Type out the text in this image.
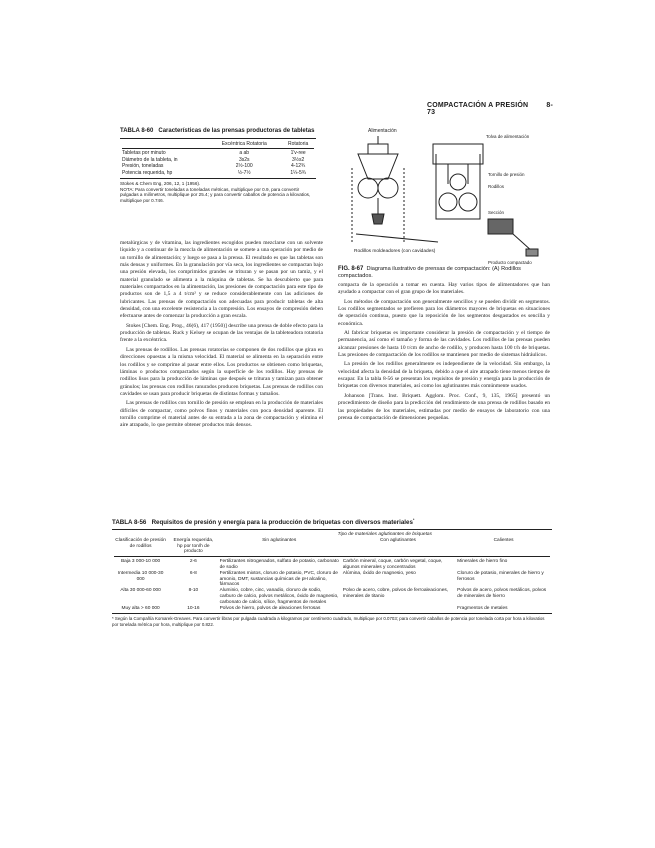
COMPACTACIÓN A PRESIÓN	8-73
TABLA 8-60 Características de las prensas productoras de tabletas
	Excéntrica Rotatoria	Rotatoria

Tabletas por minuto	a ab	1'v-ree
Diámetro de la tableta, in	3s2s	3½s2
Presión, toneladas	2½-100	4-12¾
Potencia requerida, hp	½-7½	1¼-5¾
Stokes & Chem Eng, 206, 12, 1 (1956).
NOTA: Para convertir toneladas a toneladas métricas, multiplique por 0.9, para convertir pulgadas a milímetros, multiplique por 25.4; y para convertir caballos de potencia a kilovatios, multiplique por 0.746.
Alimentación
Tolva de alimentación
Tornillo de presión
Rodillos
Sección
Rodillos moldeadores (con cavidades)
Producto compactado
FIG. 8-67 Diagrama ilustrativo de prensas de compactación: (A) Rodillos compactados.
metalúrgicas y de vitamina, las ingredientes escogidos pueden mezclarse con un solvente líquido y a continuar de la mezcla de alimentación se somete a una operación por medio de un tornillo de alimentación; y luego se pasa a la prensa. El resultado es que las tabletas son más densas y uniformes. En la granulación por vía seca, los ingredientes se compactan bajo una presión elevada, los comprimidos grandes se trituran y se pasan por un tamiz, y el material granulado se alimenta a la máquina de tabletas. Se ha descubierto que para materiales compactados en la alimentación, las presiones de compactación para este tipo de productos son de 1,5 a 4 t/cm² y se reduce considerablemente con las adiciones de lubricantes. Las prensas de compactación son adecuadas para producir tabletas de alta densidad, con una excelente resistencia a la compresión. Los ensayos de compresión deben efectuarse antes de comenzar la producción a gran escala.
Stokes [Chem. Eng. Prog., 46(6), 417 (1950)] describe una prensa de doble efecto para la producción de tabletas. Ruck y Kelsey se ocupan de las ventajas de la tableteadora rotatoria frente a la excéntrica.
Las prensas de rodillos. Las prensas rotatorias se componen de dos rodillos que giran en direcciones opuestas a la misma velocidad. El material se alimenta en la separación entre los rodillos y se comprime al pasar entre ellos. Los productos se obtienen como briquetas, láminas o productos compactados según la superficie de los rodillos. Hay prensas de rodillos lisos para la producción de láminas que después se trituran y tamizan para obtener gránulos; las prensas con rodillos ranurados producen briquetas. Las prensas de rodillos con cavidades se usan para producir briquetas de distintas formas y tamaños.
Las prensas de rodillos con tornillo de presión se emplean en la producción de materiales difíciles de compactar, como polvos finos y materiales con poca densidad aparente. El tornillo comprime el material antes de su entrada a la zona de compactación y elimina el aire atrapado, lo que permite obtener productos más densos.
compacta de la operación a tomar en cuenta. Hay varios tipos de alimentadores que han ayudado a compactar con el gran grupo de los materiales.
Los métodos de compactación son generalmente sencillos y se pueden dividir en segmentos. Los rodillos segmentados se prefieren para los diámetros mayores de briquetas en situaciones de operación continua, puesto que la reposición de los segmentos desgastados es sencilla y económica.
Al fabricar briquetas es importante considerar la presión de compactación y el tiempo de permanencia, así como el tamaño y forma de las cavidades. Los rodillos de las prensas pueden alcanzar presiones de hasta 10 t/cm de ancho de rodillo, y producen hasta 100 t/h de briquetas. Las presiones de compactación de los rodillos se mantienen por medio de sistemas hidráulicos.
La presión de los rodillos generalmente es independiente de la velocidad. Sin embargo, la velocidad afecta la densidad de la briqueta, debido a que el aire atrapado tiene menos tiempo de escapar. En la tabla 8-56 se presentan los requisitos de presión y energía para la producción de briquetas con diversos materiales, así como los aglutinantes más comúnmente usados.
Johanson [Trans. Inst. Briquett. Agglom. Proc. Conf., 9, 135, 1965] presentó un procedimiento de diseño para la predicción del rendimiento de una prensa de rodillos basado en las propiedades de los materiales, estimadas por medio de ensayos de laboratorio con una prensa de compactación de dimensiones pequeñas.
TABLA 8-56 Requisitos de presión y energía para la producción de briquetas con diversos materiales*
		Tipo de materiales aglutinantes de briquetas		
Clasificación de presión de rodillos	Energía requerida, hp por ton/h de producto	Sin aglutinantes	Con aglutinantes	Calientes

Baja 3 000-10 000	2-6	Fertilizantes nitrogenados, sulfato de potasio, carbonato de sodio	Carbón mineral, coque, carbón vegetal, coque, algunos minerales y concentrados	Minerales de hierro fino
Intermedia 10 000-30 000	6-8	Fertilizantes mixtos, cloruro de potasio, PVC, cloruro de amonio, DMT, sustancias químicas de pH alcalino, fármacos	Alúmina, óxido de magnesio, yeso	Cloruro de potasio, minerales de hierro y ferrosos
Alta 30 000-60 000	8-10	Aluminio, cobre, cinc, vanadio, cloruro de sodio, carburo de calcio, polvos metálicos, óxido de magnesio, carbonato de calcio, sílice, fragmentos de metales	Polvo de acero, cobre, polvos de ferroaleaciones, minerales de titanio	Polvos de acero, polvos metálicos, polvos de minerales de hierro
Muy alta > 60 000	10-16	Polvos de hierro, polvos de aleaciones ferrosas		Fragmentos de metales
* Según la Compañía Komarek-Greaves. Para convertir libras por pulgada cuadrada a kilogramos por centímetro cuadrado, multiplique por 0.0703; para convertir caballos de potencia por tonelada corta por hora a kilovatios por tonelada métrica por hora, multiplique por 0.822.
